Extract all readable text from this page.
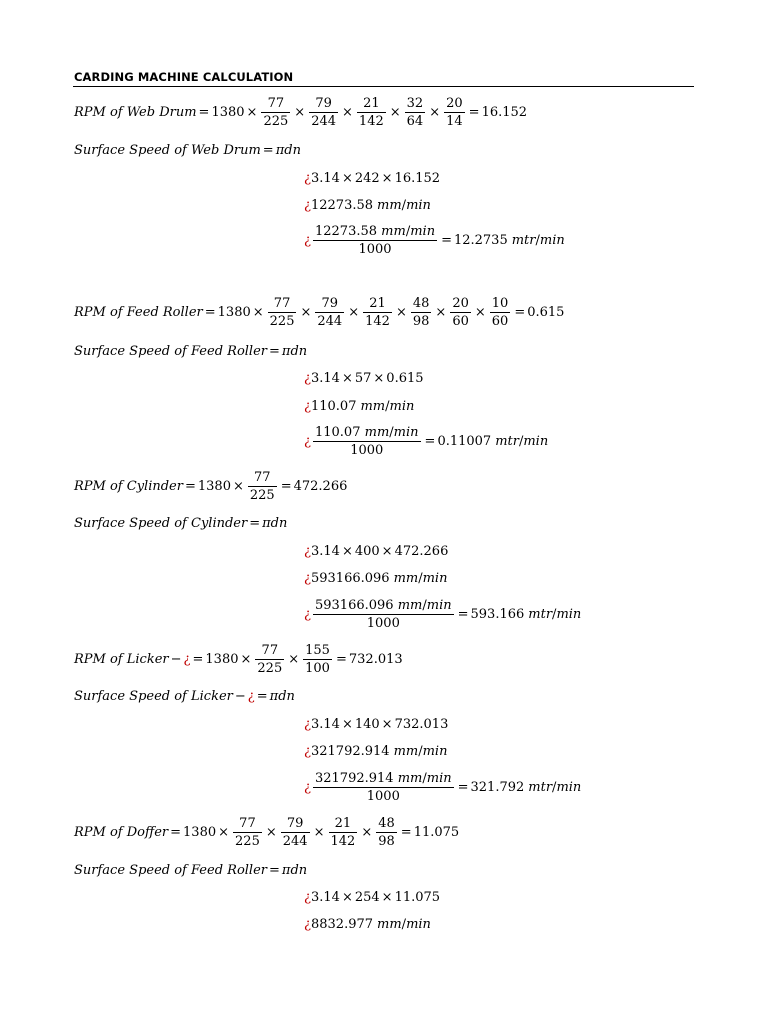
CARDING MACHINE CALCULATION
RPM of Web Drum = $1380 \times \frac{77}{225} \times \frac{79}{244} \times \frac{21}{142} \times \frac{32}{64} \times \frac{20}{14} = 16.152$
Surface Speed of Web Drum = πdn
¿ 3.14 × 242 × 16.152
¿ 12273.58 mm / min
¿ $\frac{12273.58 mm/\min}{1000} = 12.2735$ mtr / min
RPM of Feed Roller = $1380 \times \frac{77}{225} \times \frac{79}{244} \times \frac{21}{142} \times \frac{48}{98} \times \frac{20}{60} \times \frac{10}{60} = 0.615$
Surface Speed of Feed Roller = πdn
¿ 3.14 × 57 × 0.615
¿ 110.07 mm / min
¿ $\frac{110.07 mm/\min}{1000} = 0.11007$ mtr / min
RPM of Cylinder = $1380 \times \frac{77}{225} = 472.266$
Surface Speed of Cylinder = πdn
¿ 3.14 × 400 × 472.266
¿ 593166.096 mm / min
¿ $\frac{593166.096 mm/\min}{1000} = 593.166$ mtr / min
RPM of Licker − ¿ = $1380 \times \frac{77}{225} \times \frac{155}{100} = 732.013$
Surface Speed of Licker − ¿ = πdn
¿ 3.14 × 140 × 732.013
¿ 321792.914 mm / min
¿ $\frac{321792.914 mm/\min}{1000} = 321.792$ mtr / min
RPM of Doffer = $1380 \times \frac{77}{225} \times \frac{79}{244} \times \frac{21}{142} \times \frac{48}{98} = 11.075$
Surface Speed of Feed Roller = πdn
¿ 3.14 × 254 × 11.075
¿ 8832.977 mm / min
